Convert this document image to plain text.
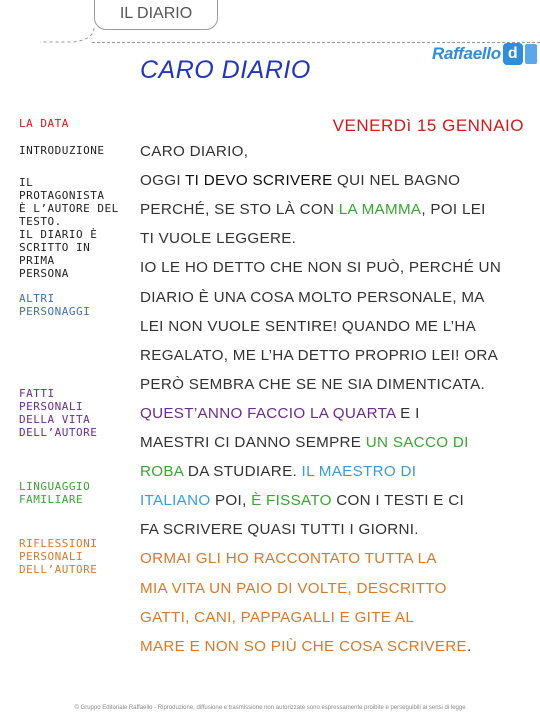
IL DIARIO
Raffaello d
CARO DIARIO
LA DATA
INTRODUZIONE
IL
PROTAGONISTA
È L’AUTORE DEL
TESTO.
IL DIARIO È
SCRITTO IN
PRIMA
PERSONA
ALTRI
PERSONAGGI
FATTI
PERSONALI
DELLA VITA
DELL’AUTORE
LINGUAGGIO
FAMILIARE
RIFLESSIONI
PERSONALI
DELL’AUTORE
VENERDì 15 GENNAIO
CARO DIARIO,
OGGI TI DEVO SCRIVERE QUI NEL BAGNO
PERCHÉ, SE STO LÀ CON LA MAMMA, POI LEI
TI VUOLE LEGGERE.
IO LE HO DETTO CHE NON SI PUÒ, PERCHÉ UN
DIARIO È UNA COSA MOLTO PERSONALE, MA
LEI NON VUOLE SENTIRE! QUANDO ME L’HA
REGALATO, ME L’HA DETTO PROPRIO LEI! ORA
PERÒ SEMBRA CHE SE NE SIA DIMENTICATA.
QUEST’ANNO FACCIO LA QUARTA E I
MAESTRI CI DANNO SEMPRE UN SACCO DI
ROBA DA STUDIARE. IL MAESTRO DI
ITALIANO POI, È FISSATO CON I TESTI E CI
FA SCRIVERE QUASI TUTTI I GIORNI.
ORMAI GLI HO RACCONTATO TUTTA LA
MIA VITA UN PAIO DI VOLTE, DESCRITTO
GATTI, CANI, PAPPAGALLI E GITE AL
MARE E NON SO PIÙ CHE COSA SCRIVERE.
© Gruppo Editoriale Raffaello - Riproduzione, diffusione e trasmissione non autorizzate sono espressamente proibite e perseguibili ai sensi di legge
